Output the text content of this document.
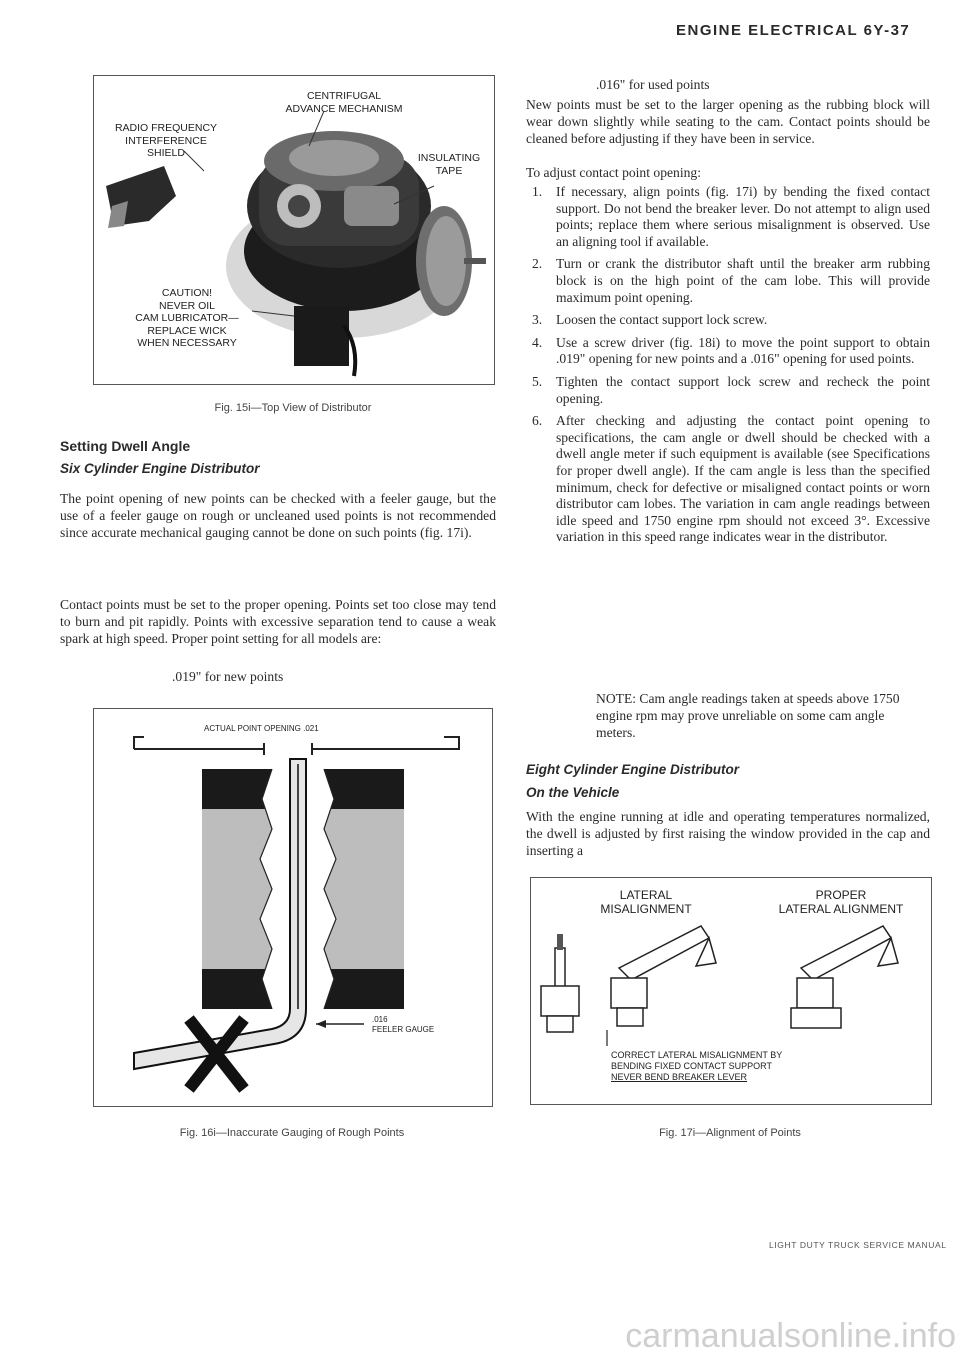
ENGINE ELECTRICAL 6Y-37
CENTRIFUGAL
ADVANCE MECHANISM
RADIO FREQUENCY
INTERFERENCE SHIELD	INSULATING
TAPE
CAUTION!
NEVER OIL
CAM LUBRICATOR—
REPLACE WICK
WHEN NECESSARY
Fig. 15i—Top View of Distributor
Setting Dwell Angle
Six Cylinder Engine Distributor

The point opening of new points can be checked with a feeler gauge, but the use of a feeler gauge on rough or uncleaned used points is not recommended since accurate mechanical gauging cannot be done on such points (fig. 17i).

Contact points must be set to the proper opening. Points set too close may tend to burn and pit rapidly. Points with excessive separation tend to cause a weak spark at high speed. Proper point setting for all models are:

.019" for new points
ACTUAL POINT OPENING .021
.016
FEELER GAUGE
Fig. 16i—Inaccurate Gauging of Rough Points
.016" for used points

New points must be set to the larger opening as the rubbing block will wear down slightly while seating to the cam. Contact points should be cleaned before adjusting if they have been in service.

To adjust contact point opening:

1. If necessary, align points (fig. 17i) by bending the fixed contact support. Do not bend the breaker lever. Do not attempt to align used points; replace them where serious misalignment is observed. Use an aligning tool if available.
2. Turn or crank the distributor shaft until the breaker arm rubbing block is on the high point of the cam lobe. This will provide maximum point opening.
3. Loosen the contact support lock screw.
4. Use a screw driver (fig. 18i) to move the point support to obtain .019" opening for new points and a .016" opening for used points.
5. Tighten the contact support lock screw and recheck the point opening.
6. After checking and adjusting the contact point opening to specifications, the cam angle or dwell should be checked with a dwell angle meter if such equipment is available (see Specifications for proper dwell angle). If the cam angle is less than the specified minimum, check for defective or misaligned contact points or worn distributor cam lobes. The variation in cam angle readings between idle speed and 1750 engine rpm should not exceed 3°. Excessive variation in this speed range indicates wear in the distributor.

NOTE: Cam angle readings taken at speeds above 1750 engine rpm may prove unreliable on some cam angle meters.

Eight Cylinder Engine Distributor
On the Vehicle

With the engine running at idle and operating temperatures normalized, the dwell is adjusted by first raising the window provided in the cap and inserting a

LATERAL
MISALIGNMENT
PROPER
LATERAL ALIGNMENT
CORRECT LATERAL MISALIGNMENT BY
BENDING FIXED CONTACT SUPPORT
NEVER BEND BREAKER LEVER
Fig. 17i—Alignment of Points
LIGHT DUTY TRUCK SERVICE MANUAL
carmanualsonline.info
